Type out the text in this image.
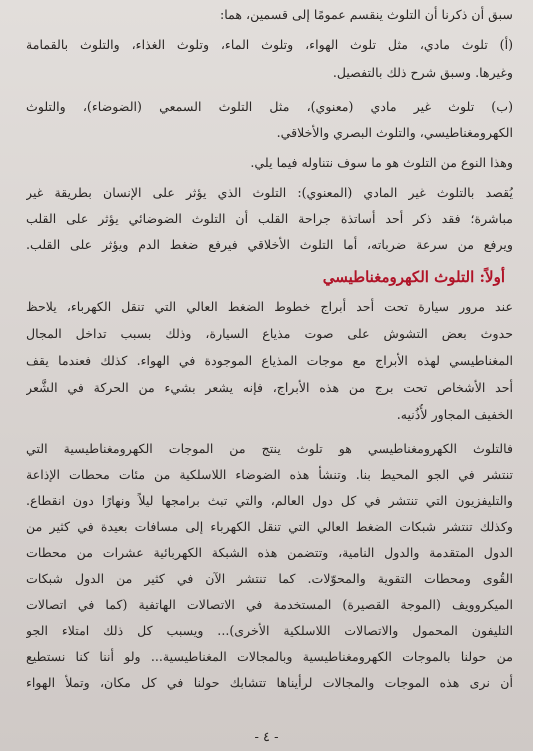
سبق أن ذكرنا أن التلوث ينقسم عمومًا إلى قسمين، هما:
(أ) تلوث مادي، مثل تلوث الهواء، وتلوث الماء، وتلوث الغذاء، والتلوث بالقمامة
وغيرها. وسبق شرح ذلك بالتفصيل.
(ب) تلوث غير مادي (معنوي)، مثل التلوث السمعي (الضوضاء)، والتلوث
الكهرومغناطيسي، والتلوث البصري والأخلاقي.
وهذا النوع من التلوث هو ما سوف نتناوله فيما يلي.
يُقصد بالتلوث غير المادي (المعنوي): التلوث الذي يؤثر على الإنسان بطريقة غير
مباشرة؛ فقد ذكر أحد أساتذة جراحة القلب أن التلوث الضوضائي يؤثر على القلب
ويرفع من سرعة ضرباته، أما التلوث الأخلاقي فيرفع ضغط الدم ويؤثر على القلب.
أولاً: التلوث الكهرومغناطيسي
عند مرور سيارة تحت أحد أبراج خطوط الضغط العالي التي تنقل الكهرباء، يلاحظ
حدوث بعض التشوش على صوت مذياع السيارة، وذلك بسبب تداخل المجال
المغناطيسي لهذه الأبراج مع موجات المذياع الموجودة في الهواء. كذلك فعندما يقف
أحد الأشخاص تحت برج من هذه الأبراج، فإنه يشعر بشيء من الحركة في الشَّعر
الخفيف المجاور لأُذُنيه.
فالتلوث الكهرومغناطيسي هو تلوث ينتج من الموجات الكهرومغناطيسية التي
تنتشر في الجو المحيط بنا. وتنشأ هذه الضوضاء اللاسلكية من مئات محطات الإذاعة
والتليفزيون التي تنتشر في كل دول العالم، والتي تبث برامجها ليلاً ونهارًا دون انقطاع.
وكذلك تنتشر شبكات الضغط العالي التي تنقل الكهرباء إلى مسافات بعيدة في كثير من
الدول المتقدمة والدول النامية، وتتضمن هذه الشبكة الكهربائية عشرات من محطات
القُوى ومحطات التقوية والمحوّلات. كما تنتشر الآن في كثير من الدول شبكات
الميكروويف (الموجة القصيرة) المستخدمة في الاتصالات الهاتفية (كما في اتصالات
التليفون المحمول والاتصالات اللاسلكية الأخرى)... ويسبب كل ذلك امتلاء الجو
من حولنا بالموجات الكهرومغناطيسية وبالمجالات المغناطيسية... ولو أننا كنا نستطيع
أن نرى هذه الموجات والمجالات لرأيناها تتشابك حولنا في كل مكان، وتملأ الهواء
- ٤ -
